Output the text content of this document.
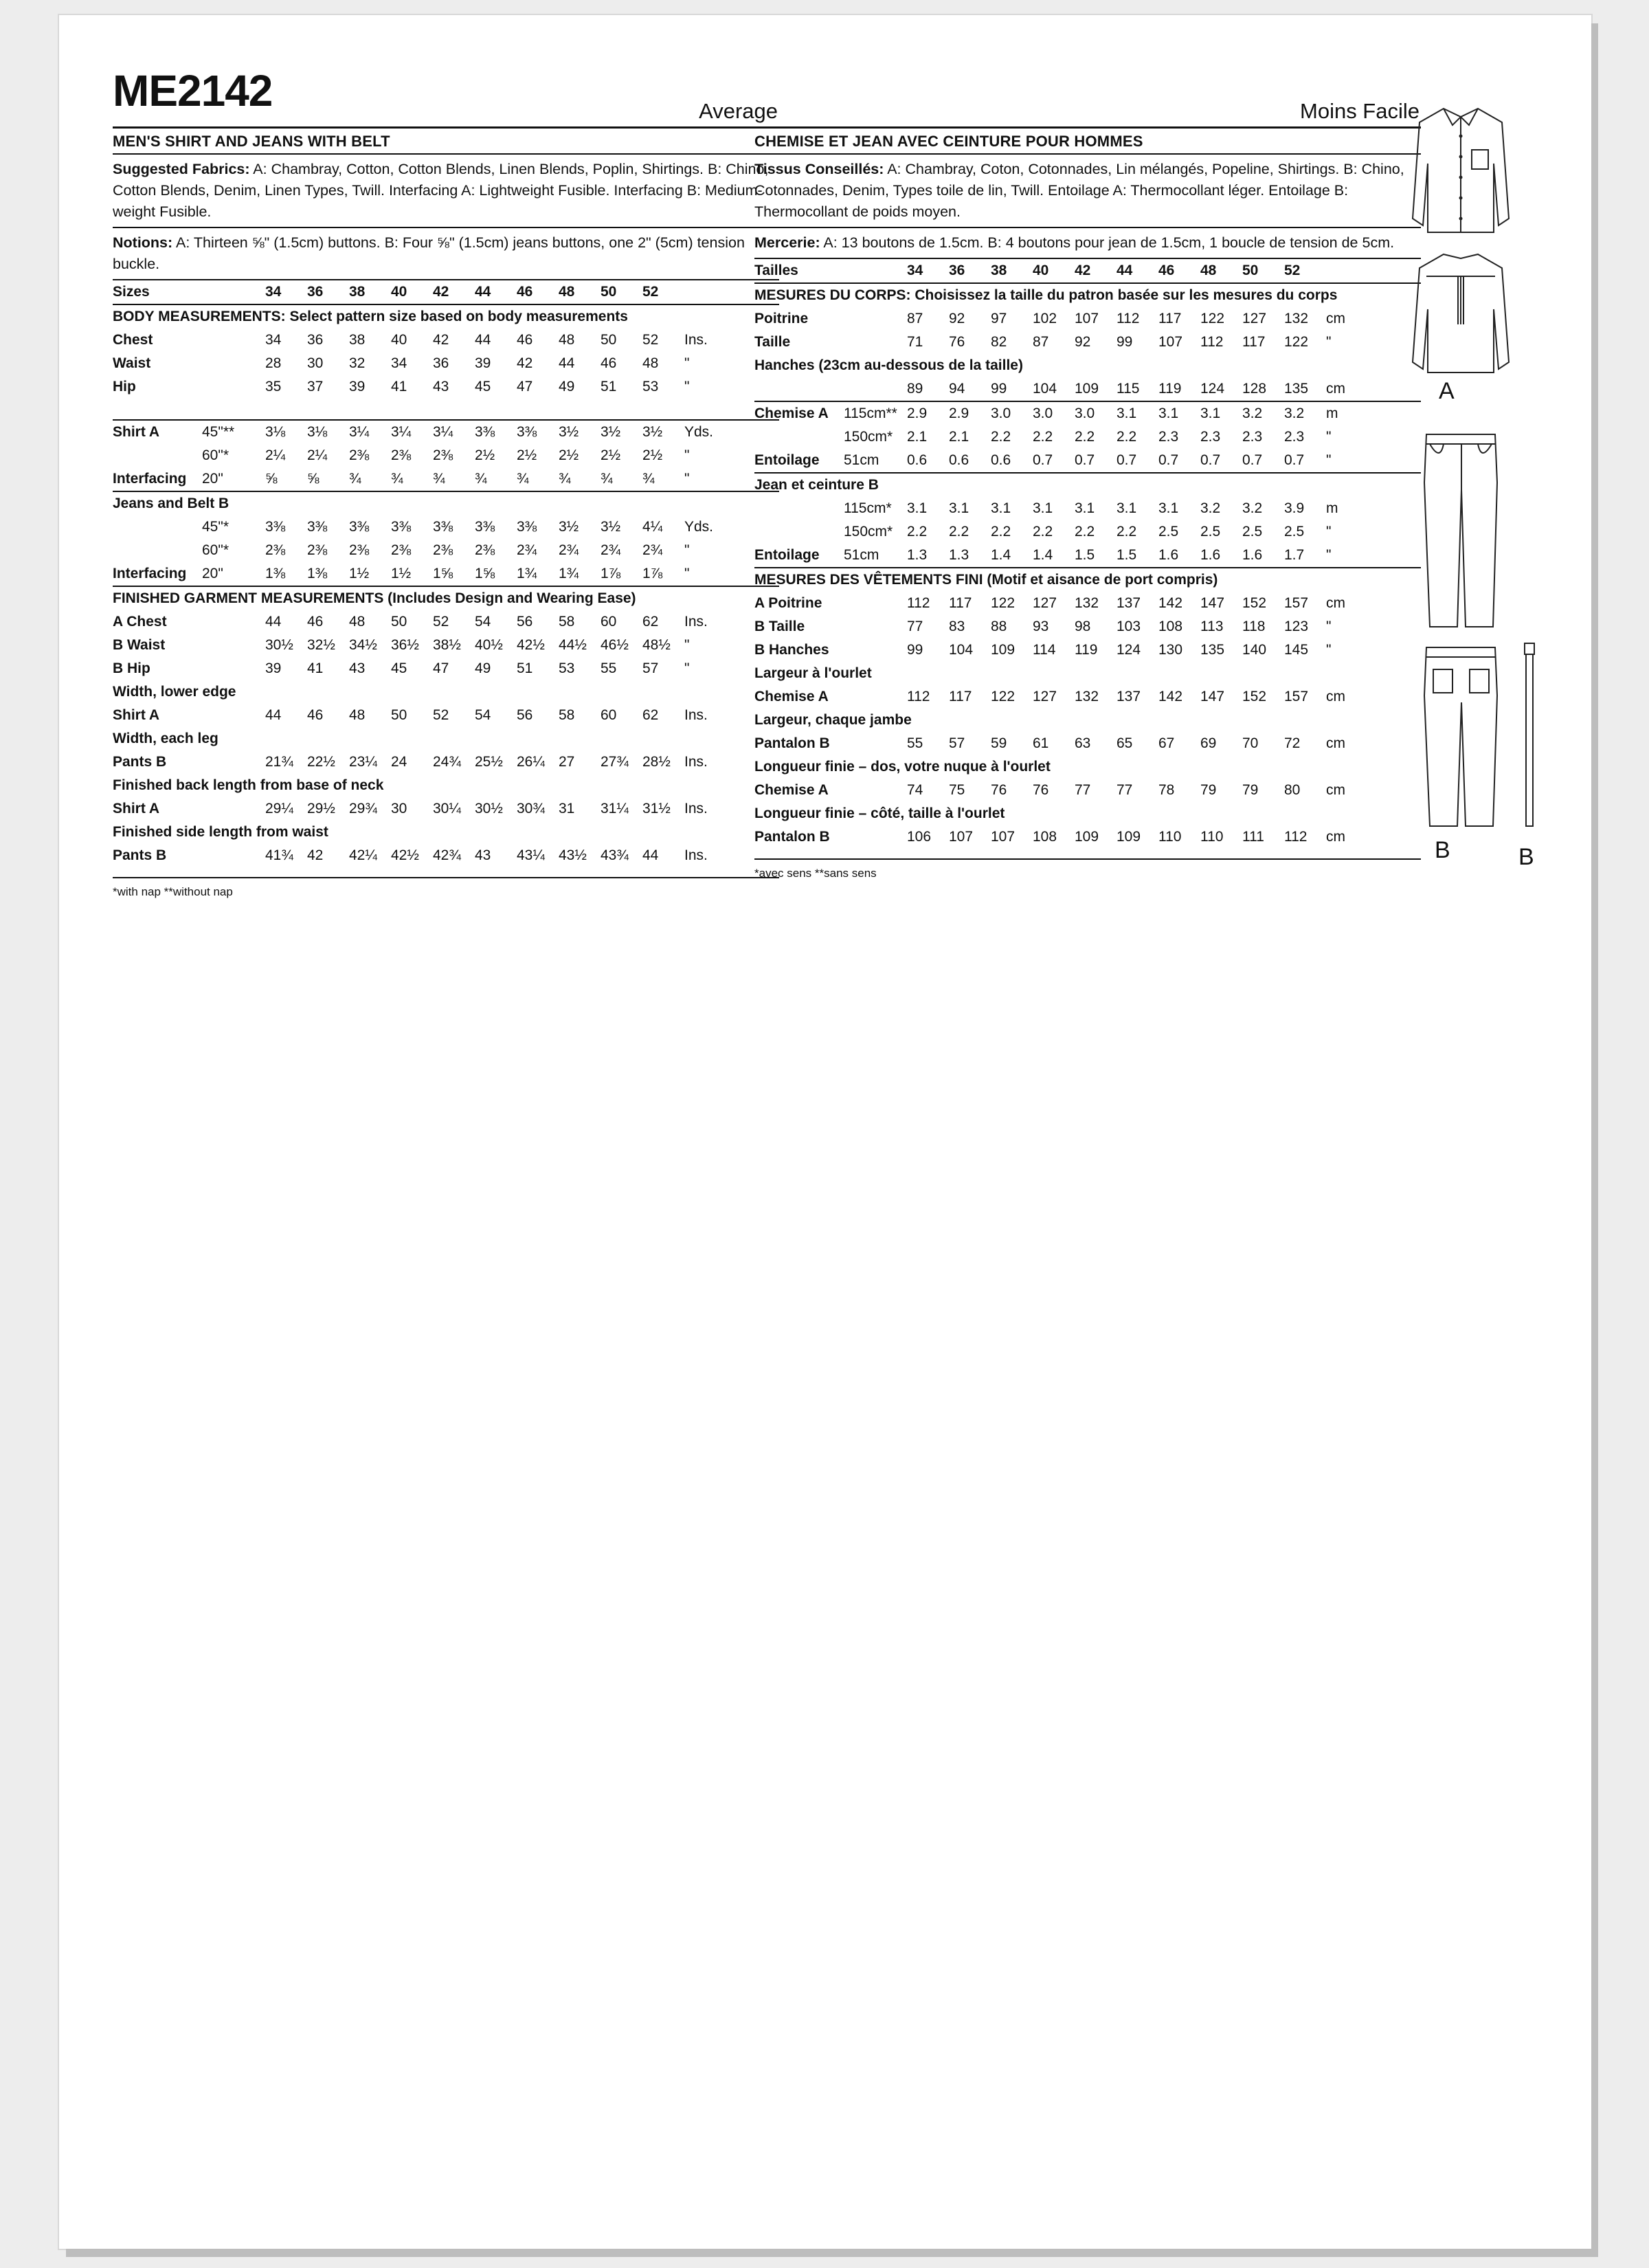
ME2142	Average
MEN'S SHIRT AND JEANS WITH BELT
Suggested Fabrics: A: Chambray, Cotton, Cotton Blends, Linen Blends, Poplin, Shirtings. B: Chino, Cotton Blends, Denim, Linen Types, Twill. Interfacing A: Lightweight Fusible. Interfacing B: Medium-weight Fusible.
Notions: A: Thirteen ⅝" (1.5cm) buttons. B: Four ⅝" (1.5cm) jeans buttons, one 2" (5cm) tension buckle.
Sizes	34	36	38	40	42	44	46	48	50	52
BODY MEASUREMENTS: Select pattern size based on body measurements
Chest	34	36	38	40	42	44	46	48	50	52	Ins.
Waist	28	30	32	34	36	39	42	44	46	48	"
Hip	35	37	39	41	43	45	47	49	51	53	"
Shirt A	45"**	3⅛	3⅛	3¼	3¼	3¼	3⅜	3⅜	3½	3½	3½	Yds.
60"*	2¼	2¼	2⅜	2⅜	2⅜	2½	2½	2½	2½	2½	"
Interfacing	20"	⅝	⅝	¾	¾	¾	¾	¾	¾	¾	¾	"
Jeans and Belt B
45"*	3⅜	3⅜	3⅜	3⅜	3⅜	3⅜	3⅜	3½	3½	4¼	Yds.
60"*	2⅜	2⅜	2⅜	2⅜	2⅜	2⅜	2¾	2¾	2¾	2¾	"
Interfacing	20"	1⅜	1⅜	1½	1½	1⅝	1⅝	1¾	1¾	1⅞	1⅞	"
FINISHED GARMENT MEASUREMENTS (Includes Design and Wearing Ease)
A Chest	44	46	48	50	52	54	56	58	60	62	Ins.
B Waist	30½ 32½ 34½ 36½ 38½ 40½ 42½ 44½ 46½ 48½ "
B Hip	39	41	43	45	47	49	51	53	55	57	"
Width, lower edge
Shirt A	44	46	48	50	52	54	56	58	60	62	Ins.
Width, each leg
Pants B	21¾ 22½ 23¼ 24	24¾ 25½ 26¼ 27	27¾ 28½ Ins.
Finished back length from base of neck
Shirt A	29¼ 29½ 29¾ 30	30¼ 30½ 30¾ 31	31¼ 31½ Ins.
Finished side length from waist
Pants B	41¾ 42	42¼ 42½ 42¾ 43	43¼ 43½ 43¾ 44	Ins.
*with nap **without nap
Moins Facile
CHEMISE ET JEAN AVEC CEINTURE POUR HOMMES
Tissus Conseillés: A: Chambray, Coton, Cotonnades, Lin mélangés, Popeline, Shirtings. B: Chino, Cotonnades, Denim, Types toile de lin, Twill. Entoilage A: Thermocollant léger. Entoilage B: Thermocollant de poids moyen.
Mercerie: A: 13 boutons de 1.5cm. B: 4 boutons pour jean de 1.5cm, 1 boucle de tension de 5cm.
Tailles	34	36	38	40	42	44	46	48	50	52
MESURES DU CORPS: Choisissez la taille du patron basée sur les mesures du corps
Poitrine	87	92	97	102	107	112	117	122	127	132	cm
Taille	71	76	82	87	92	99	107	112	117	122	"
Hanches (23cm au-dessous de la taille)
89	94	99	104	109	115	119	124	128	135	cm
Chemise A	115cm** 2.9	2.9	3.0	3.0	3.0	3.1	3.1	3.1	3.2	3.2	m
150cm* 2.1	2.1	2.2	2.2	2.2	2.2	2.3	2.3	2.3	2.3	"
Entoilage	51cm	0.6	0.6	0.6	0.7	0.7	0.7	0.7	0.7	0.7	0.7	"
Jean et ceinture B
115cm*	3.1	3.1	3.1	3.1	3.1	3.1	3.1	3.2	3.2	3.9	m
150cm* 2.2	2.2	2.2	2.2	2.2	2.2	2.5	2.5	2.5	2.5	"
Entoilage	51cm	1.3	1.3	1.4	1.4	1.5	1.5	1.6	1.6	1.6	1.7	"
MESURES DES VÊTEMENTS FINI (Motif et aisance de port compris)
A Poitrine	112	117	122	127	132	137	142	147	152	157	cm
B Taille	77	83	88	93	98	103	108	113	118	123	"
B Hanches	99	104	109	114	119	124	130	135	140	145	"
Largeur à l'ourlet
Chemise A	112	117	122	127	132	137	142	147	152	157	cm
Largeur, chaque jambe
Pantalon B	55	57	59	61	63	65	67	69	70	72	cm
Longueur finie – dos, votre nuque à l'ourlet
Chemise A	74	75	76	76	77	77	78	79	79	80	cm
Longueur finie – côté, taille à l'ourlet
Pantalon B	106	107	107	108	109	109	110	110	111	112	cm
*avec sens **sans sens
A
B	B
